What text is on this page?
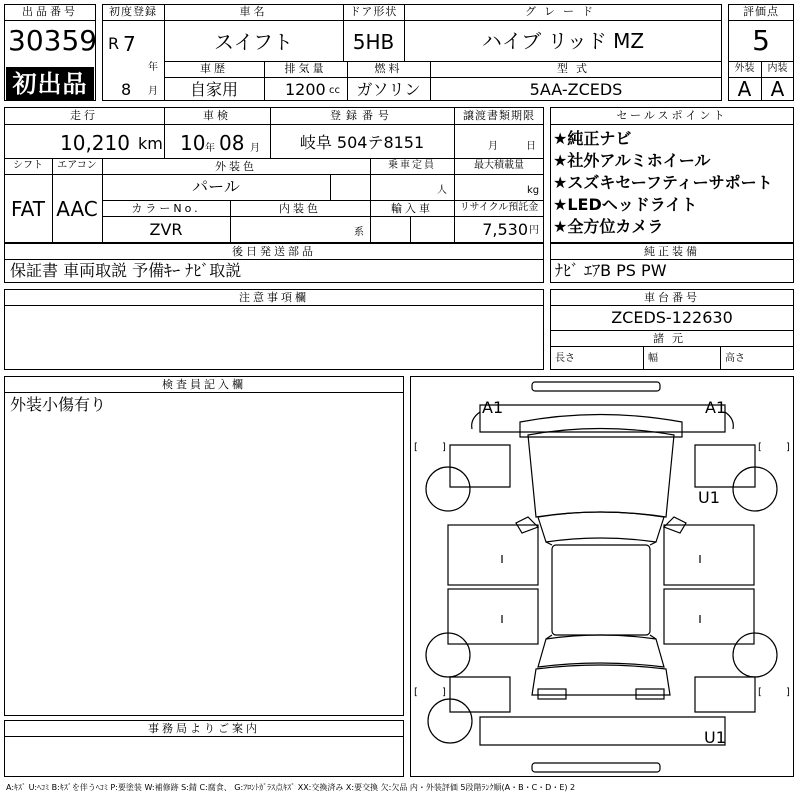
出品番号
30359
初出品
初度登録
R 7
年
8 月
車名
スイフト
ドア形状
5HB
グレード
ハイブ リッド MZ
車歴
自家用
排気量
1200 cc
燃料
ガソリン
型式
5AA-ZCEDS
評価点
5
外装	内装
A A
走行
10,210 km
車検
10 年 08 月
登録番号
岐阜 504テ8151
譲渡書類期限
月	日
シフト
FAT
エアコン
AAC
外装色
パール
乗車定員
人
最大積載量
kg
カラーNo.
ZVR
内装色
系
輸入車	リサイクル預託金
7,530 円
セールスポイント
★純正ナビ
★社外アルミホイール
★スズキセーフティーサポート
★LEDヘッドライト
★全方位カメラ
後日発送部品
保証書 車両取説 予備ｷｰ ﾅﾋﾞ取説
純正装備
ﾅﾋﾞ ｴｱB PS PW
注意事項欄	車台番号
ZCEDS-122630
諸元
長さ	幅	高さ
検査員記入欄
外装小傷有り
事務局よりご案内
A1	A1
U1
U1
[ ]	[ ]
[ ]	[ ]
A:ｷｽﾞ U:ﾍｺﾐ B:ｷｽﾞを伴うﾍｺﾐ P:要塗装 W:補修跡 S:錆 C:腐食、 G:ﾌﾛﾝﾄｶﾞﾗｽ点ｷｽﾞ XX:交換済み X:要交換 欠:欠品 内・外装評価 5段階ﾗﾝｸ順(A・B・C・D・E) 2
